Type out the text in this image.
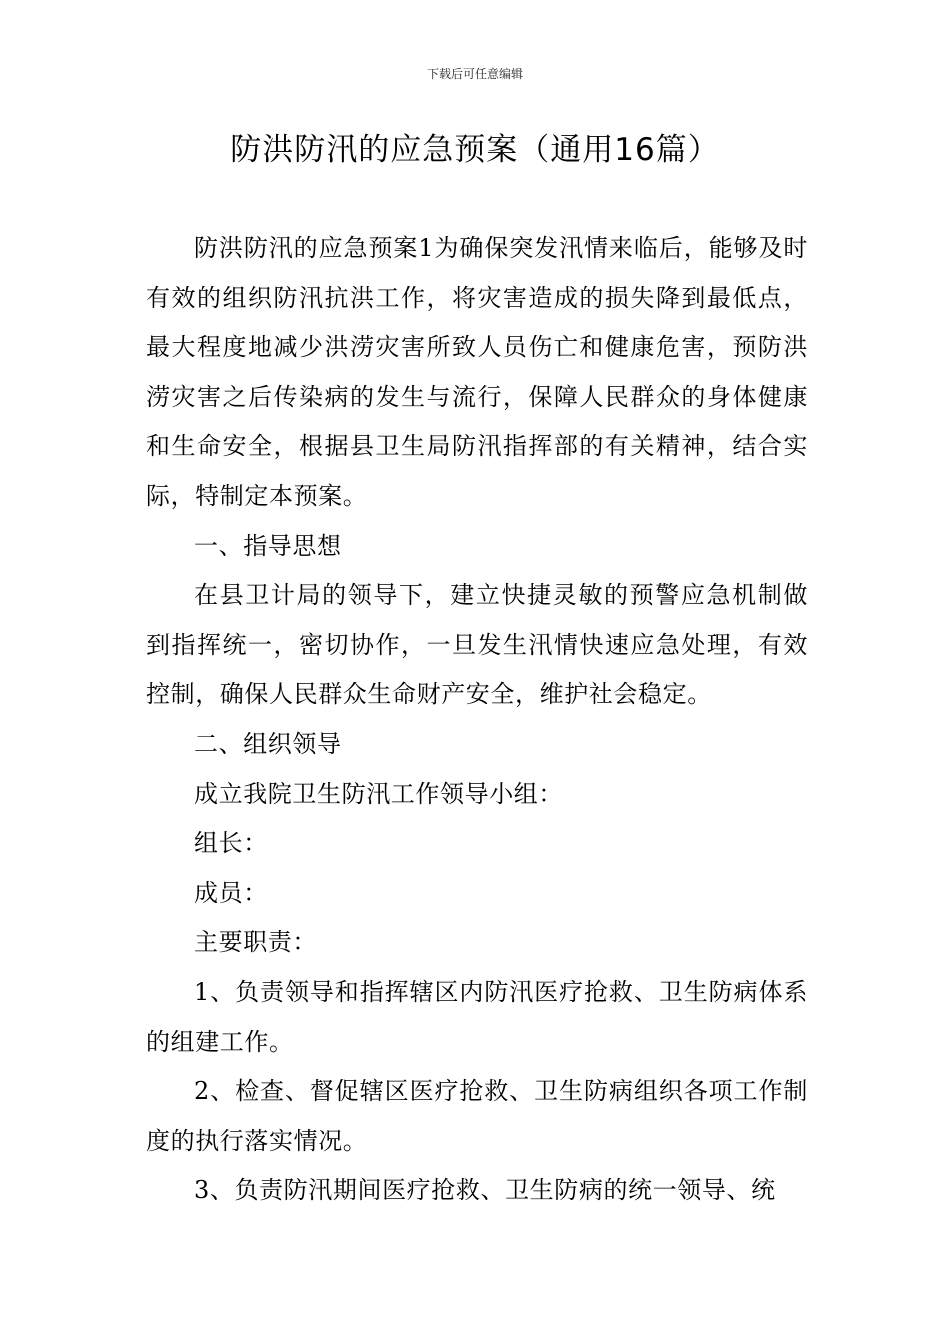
下载后可任意编辑
防洪防汛的应急预案（通用16篇）

防洪防汛的应急预案1为确保突发汛情来临后，能够及时有效的组织防汛抗洪工作，将灾害造成的损失降到最低点，最大程度地减少洪涝灾害所致人员伤亡和健康危害，预防洪涝灾害之后传染病的发生与流行，保障人民群众的身体健康和生命安全，根据县卫生局防汛指挥部的有关精神，结合实际，特制定本预案。

一、指导思想

在县卫计局的领导下，建立快捷灵敏的预警应急机制做到指挥统一，密切协作，一旦发生汛情快速应急处理，有效控制，确保人民群众生命财产安全，维护社会稳定。

二、组织领导

成立我院卫生防汛工作领导小组：

组长：

成员：

主要职责：

1、负责领导和指挥辖区内防汛医疗抢救、卫生防病体系的组建工作。

2、检查、督促辖区医疗抢救、卫生防病组织各项工作制度的执行落实情况。

3、负责防汛期间医疗抢救、卫生防病的统一领导、统
